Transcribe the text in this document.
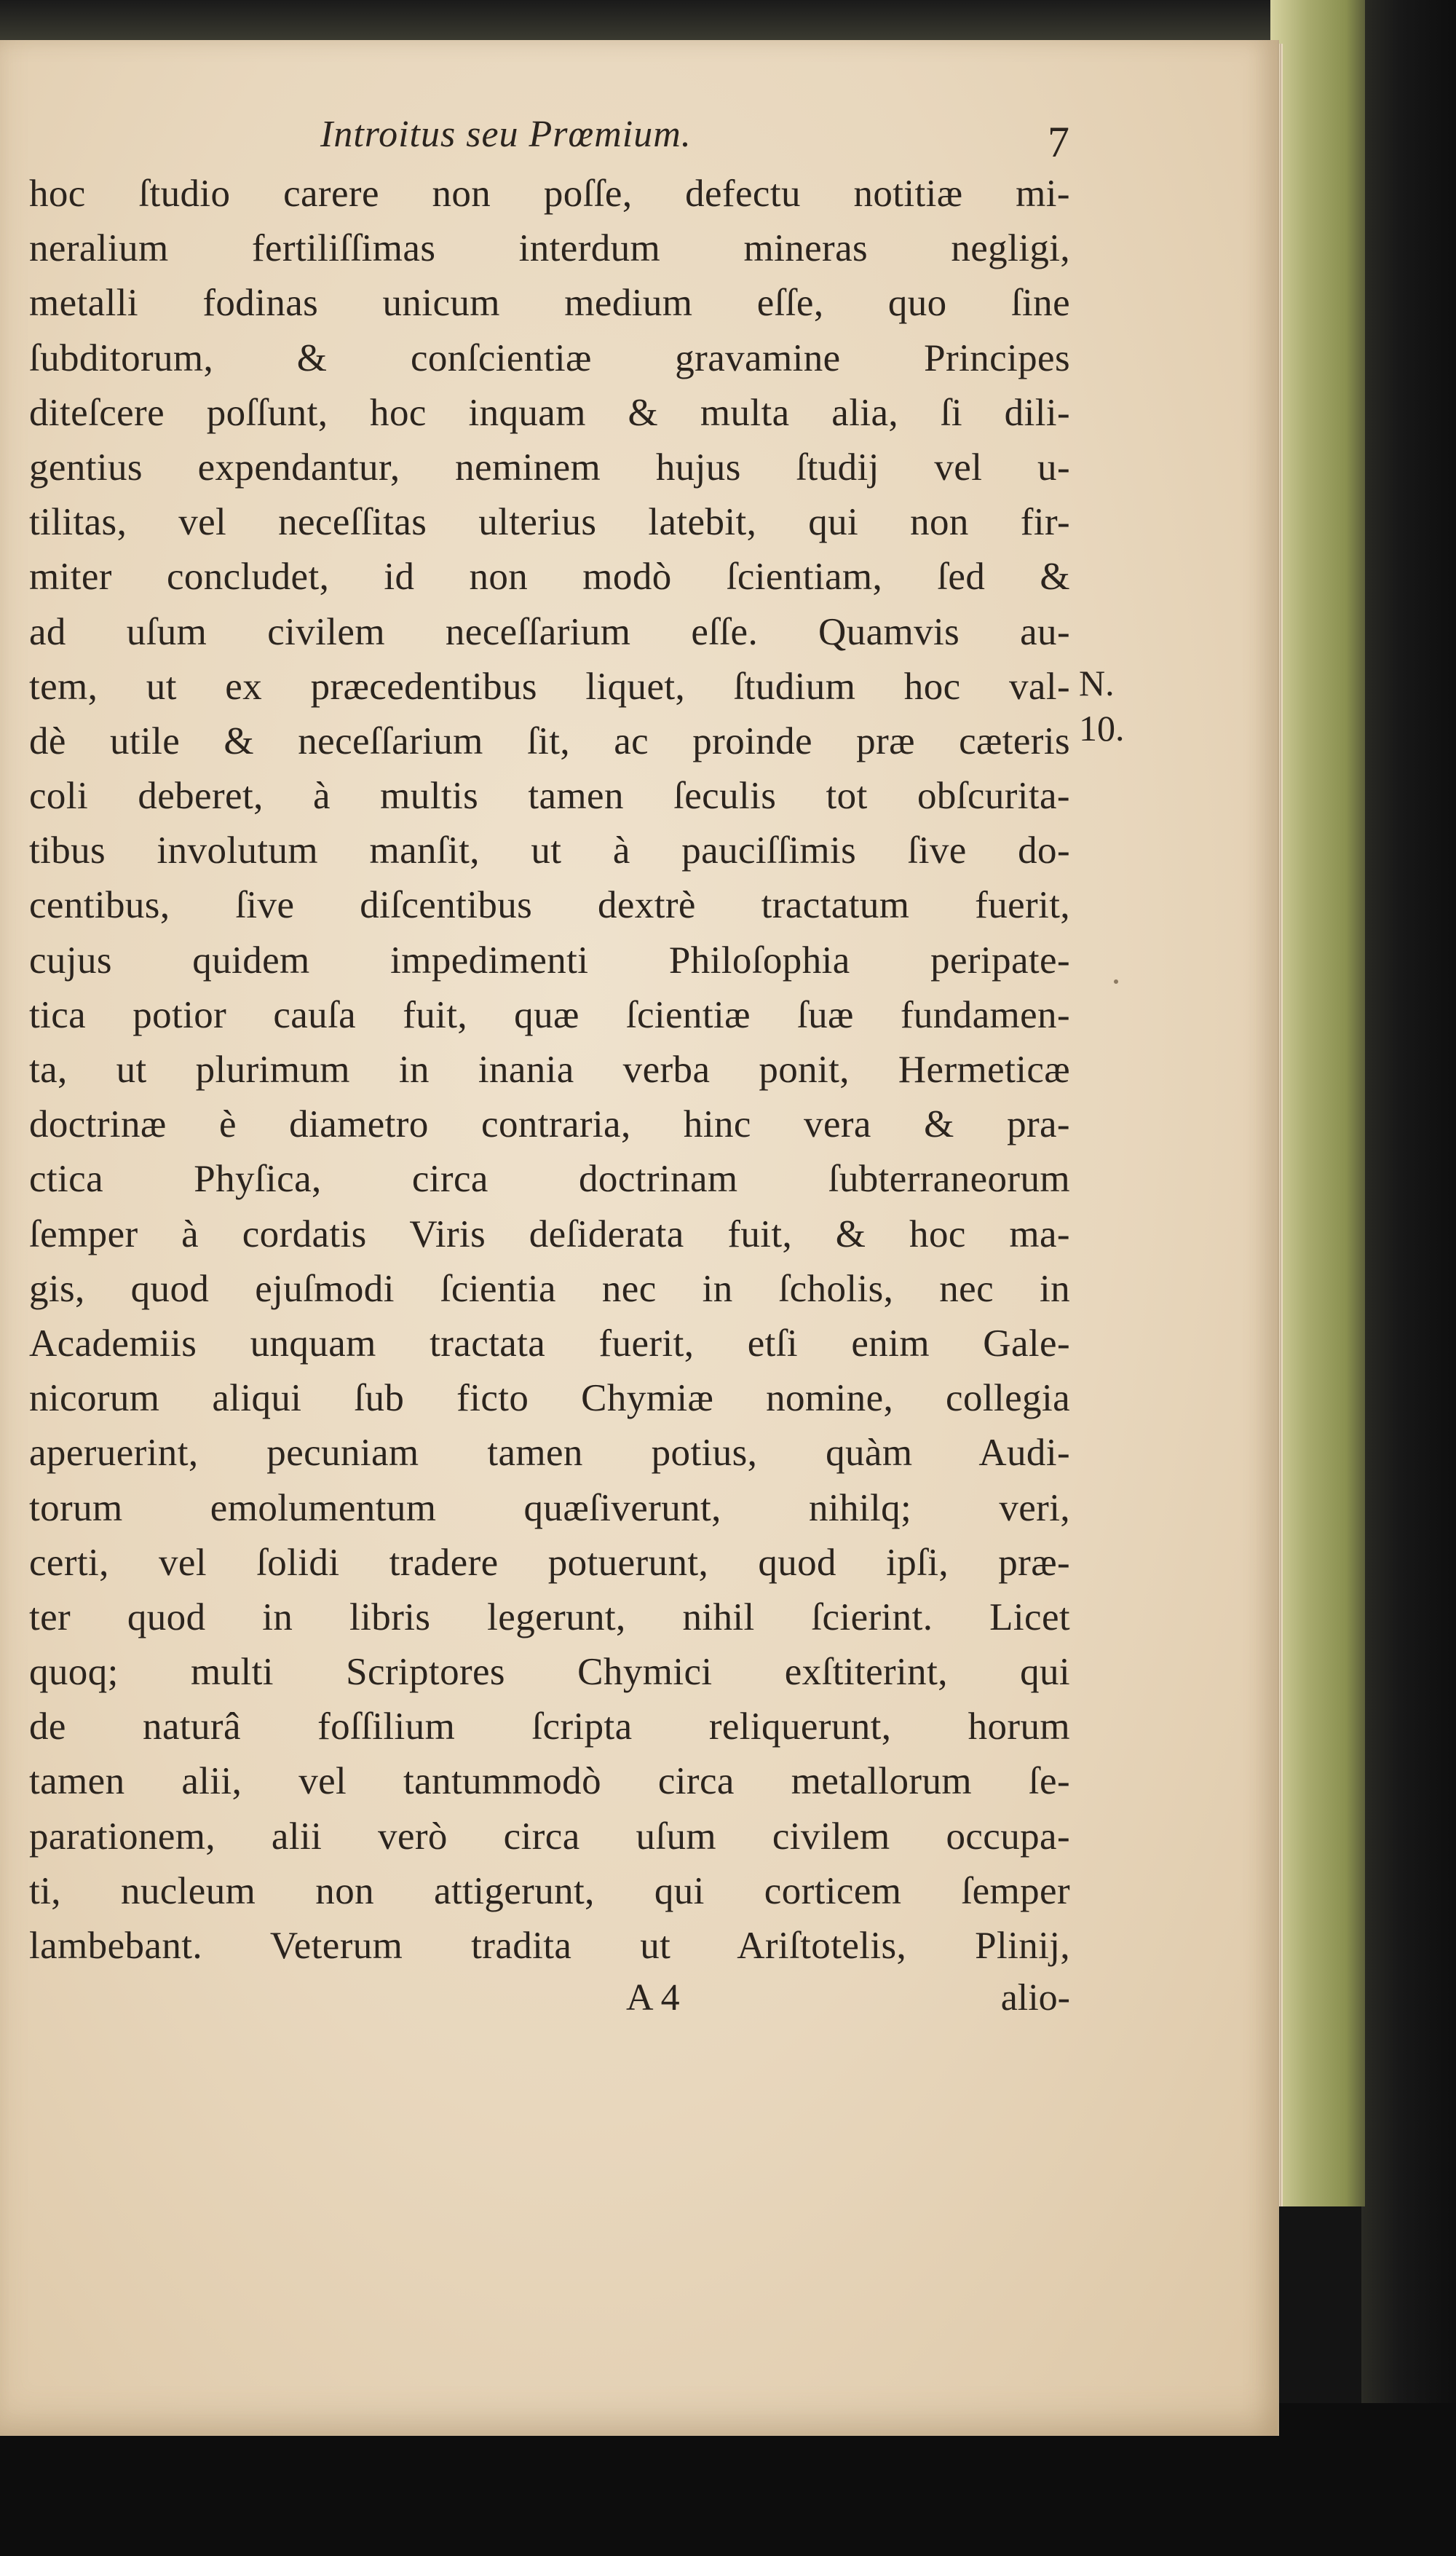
Introitus seu Prœmium.	7
hoc ſtudio carere non poſſe, defectu notitiæ mi-
neralium fertiliſſimas interdum mineras negligi,
metalli fodinas unicum medium eſſe, quo ſine
ſubditorum, & conſcientiæ gravamine Principes
diteſcere poſſunt, hoc inquam & multa alia, ſi dili-
gentius expendantur, neminem hujus ſtudij vel u-
tilitas, vel neceſſitas ulterius latebit, qui non fir-
miter concludet, id non modò ſcientiam, ſed &
ad uſum civilem neceſſarium eſſe. Quamvis au-
tem, ut ex præcedentibus liquet, ſtudium hoc val-
dè utile & neceſſarium ſit, ac proinde præ cæteris
coli deberet, à multis tamen ſeculis tot obſcurita-
tibus involutum manſit, ut à pauciſſimis ſive do-
centibus, ſive diſcentibus dextrè tractatum fuerit,
cujus quidem impedimenti Philoſophia peripate-
tica potior cauſa fuit, quæ ſcientiæ ſuæ fundamen-
ta, ut plurimum in inania verba ponit, Hermeticæ
doctrinæ è diametro contraria, hinc vera & pra-
ctica Phyſica, circa doctrinam ſubterraneorum
ſemper à cordatis Viris deſiderata fuit, & hoc ma-
gis, quod ejuſmodi ſcientia nec in ſcholis, nec in
Academiis unquam tractata fuerit, etſi enim Gale-
nicorum aliqui ſub ficto Chymiæ nomine, collegia
aperuerint, pecuniam tamen potius, quàm Audi-
torum emolumentum quæſiverunt, nihilq; veri,
certi, vel ſolidi tradere potuerunt, quod ipſi, præ-
ter quod in libris legerunt, nihil ſcierint. Licet
quoq; multi Scriptores Chymici exſtiterint, qui
de naturâ foſſilium ſcripta reliquerunt, horum
tamen alii, vel tantummodò circa metallorum ſe-
parationem, alii verò circa uſum civilem occupa-
ti, nucleum non attigerunt, qui corticem ſemper
lambebant. Veterum tradita ut Ariſtotelis, Plinij,
A 4	alio-
N.
10.
